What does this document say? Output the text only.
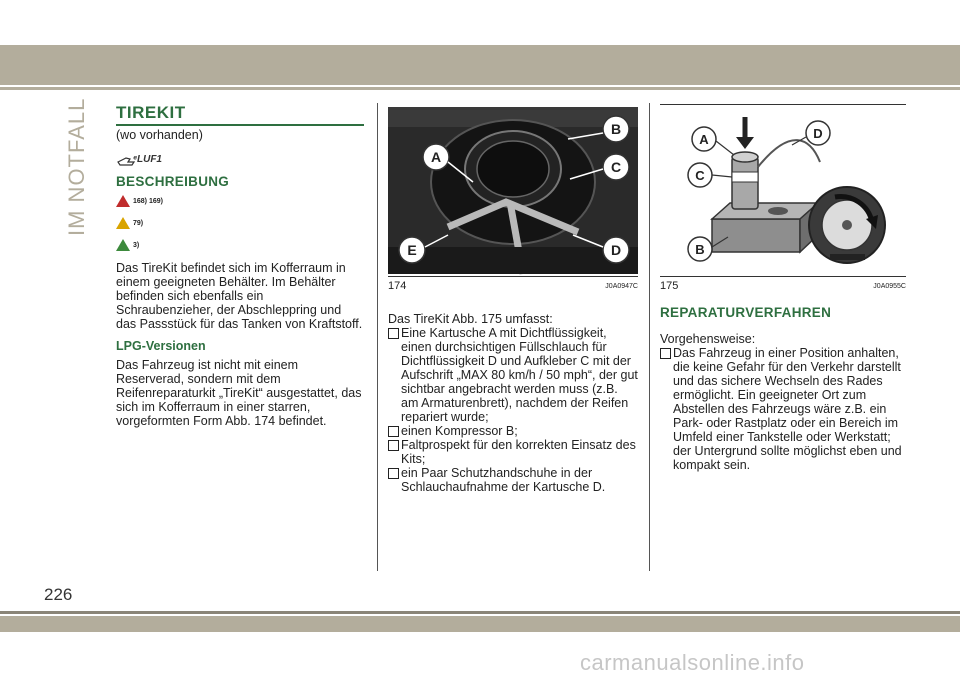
IM NOTFALL TIREKIT
(wo vorhanden)
ᵉLUF1
BESCHREIBUNG
168) 169)
79)
3)
Das TireKit befindet sich im Kofferraum in einem geeigneten Behälter. Im Behälter befinden sich ebenfalls ein Schraubenzieher, der Abschleppring und das Passstück für das Tanken von Kraftstoff.
LPG-Versionen
Das Fahrzeug ist nicht mit einem Reserverad, sondern mit dem Reifenreparaturkit „TireKit“ ausgestattet, das sich im Kofferraum in einer starren, vorgeformten Form Abb. 174 befindet.
A
B
C
D
E
174	J0A0947C
Das TireKit Abb. 175 umfasst:
Eine Kartusche A mit Dichtflüssigkeit, einen durchsichtigen Füllschlauch für Dichtflüssigkeit D und Aufkleber C mit der Aufschrift „MAX 80 km/h / 50 mph“, der gut sichtbar angebracht werden muss (z.B. am Armaturenbrett), nachdem der Reifen repariert wurde;
einen Kompressor B;
Faltprospekt für den korrekten Einsatz des Kits;
ein Paar Schutzhandschuhe in der Schlauchaufnahme der Kartusche D.
A
B
C
D
175	J0A0955C
REPARATURVERFAHREN
Vorgehensweise:
Das Fahrzeug in einer Position anhalten, die keine Gefahr für den Verkehr darstellt und das sichere Wechseln des Rades ermöglicht. Ein geeigneter Ort zum Abstellen des Fahrzeugs wäre z.B. ein Park- oder Rastplatz oder ein Bereich im Umfeld einer Tankstelle oder Werkstatt; der Untergrund sollte möglichst eben und kompakt sein.
226
carmanualsonline.info
